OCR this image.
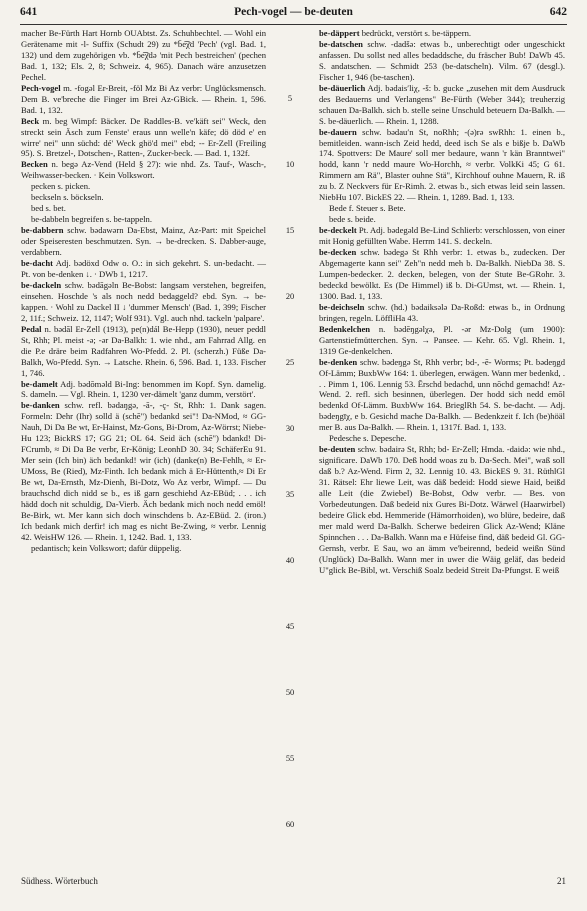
641	Pech-vogel — be-deuten	642

macher Be-Fürth Hart Hornb OUAbtst. Zs. Schuhbechtel. — Wohl ein Gerätename mit -l- Suffix (Schudt 29) zu *b̄e͡χ̄d 'Pech' (vgl. Bad. 1, 132) und dem zugehörigen vb. *b̄e͡χ̄də 'mit Pech bestreichen' (pechen Bad. 1, 132; Els. 2, 8; Schweiz. 4, 965). Danach wäre anzusetzen Pechel.

Pech-vogel m. -fogəl Er-Breit, -föl Mz Bi Az verbr: Unglücksmensch. Dem B. ve'breche die Finger im Brei Az-GBick. — Rhein. 1, 596. Bad. 1, 132.

Beck m. beg Wimpf: Bäcker. De Raddles-B. ve'käft sei" Weck, den streckt sein Äsch zum Fenste' eraus unn welle'n käfe; dö död e' en wirre' nei" unn süchd: dé' Weck ghö'd mei" ebd; -- Er-Zell (Freiling 95). S. Bretzel-, Dotschen-, Ratten-, Zucker-beck. — Bad. 1, 132f.

Becken n. begə Az-Vend (Held § 27): wie nhd. Zs. Tauf-, Wasch-, Weihwasser-becken. · Kein Volkswort.

pecken s. picken.

beckseln s. böckseln.

bed s. bet.

be-dabbeln begreifen s. be-tappeln.

be-dabbern schw. bədawərn Da-Ebst, Mainz, Az-Part: mit Speichel oder Speiseresten beschmutzen. Syn. → be-drecken. S. Dabber-auge, verdabbern.

be-dacht Adj. bədöxd Odw o. O.: in sich gekehrt. S. un-bedacht. — Pt. von be-denken ↓. · DWb 1, 1217.

be-dackeln schw. bədāgəln Be-Bobst: langsam verstehen, begreifen, einsehen. Hoschde 's als noch nedd bedaggeld? ebd. Syn. → be-kappen. · Wohl zu Dackel II ↓ 'dummer Mensch' (Bad. 1, 399; Fischer 2, 11f.; Schweiz. 12, 1147; Wolf 931). Vgl. auch nhd. tackeln 'palpare'.

Pedal n. bədāl Er-Zell (1913), pe(n)dál Be-Hepp (1930), neuer peddl St, Rhh; Pl. meist -ə; -ər Da-Balkh: 1. wie nhd., am Fahrrad Allg. en die P.e dräre beim Radfahren Wo-Pfedd. 2. Pl. (scherzh.) Füße Da-Balkh, Wo-Pfedd. Syn. → Latsche. Rhein. 6, 596. Bad. 1, 133. Fischer 1, 746.

be-damelt Adj. bədōməld Bi-Ing: benommen im Kopf. Syn. damelig. S. dameln. — Vgl. Rhein. 1, 1230 ver-dämelt 'ganz dumm, verstört'.

be-danken schw. refl. bədaŋgə, -ā-, -ç- St, Rhh: 1. Dank sagen. Formeln: Dehr (Ihr) solld ä (schē") bedankd sei"! Da-NMod, ≈ GG-Nauh, Di Da Be wt, Er-Hainst, Mz-Gons, Bi-Drom, Az-Wörrst; Niebe-Hu 123; BickRS 17; GG 21; OL 64. Seid äch (schē") bdankd! Di-FCrumb, ≈ Di Da Be verbr, Er-König; LeonhD 30. 34; SchäferEu 91. Mer sein (Ich bin) äch bedankd! wir (ich) (danke(n) Be-Fehlh, ≈ Er-UMoss, Be (Ried), Mz-Finth. Ich bedank mich ä Er-Hüttenth,≈ Di Er Be wt, Da-Ernsth, Mz-Dienh, Bi-Dotz, Wo Az verbr, Wimpf. — Du brauchschd dich nidd se b., es iß garn geschiehd Az-EBüd; . . . ich hädd doch nit schuldig, Da-Vierb. Äch bedank mich noch nedd emöl! Be-Birk, wt. Mer kann sich doch winschdens b. Az-EBüd. 2. (iron.) Ich bedank mich derfir! ich mag es nicht Be-Zwing, ≈ verbr. Lennig 42. WeisHW 126. — Rhein. 1, 1242. Bad. 1, 133.

pedantisch; kein Volkswort; dafür düppelig.

5
10
15
20
25
30
35
40
45
50
55
60

be-däppert bedrückt, verstört s. be-täppern.

be-datschen schw. -dadšə: etwas b., unberechtigt oder ungeschickt anfassen. Du sollst ned alles bedaddsche, du fräscher Bub! DaWb 45. S. andatschen. — Schmidt 253 (be-datscheln). Vilm. 67 (desgl.). Fischer 1, 946 (be-taschen).

be-däuerlich Adj. bədaisʹliχ, -š: b. gucke „zusehen mit dem Ausdruck des Bedauerns und Verlangens" Be-Fürth (Weber 344); treuherzig schauen Da-Balkh. sich b. stelle seine Unschuld beteuern Da-Balkh. — S. be-däuerlich. — Rhein. 1, 1288.

be-dauern schw. bədauʹn St, noRhh; -(ə)rə swRhh: 1. einen b., bemitleiden. wann-isch Zeid hedd, deed isch Se als e bißje b. DaWb 174. Spottvers: De Maure' soll mer bedaure, wann 'r kän Branntwei" hodd, kann 'r nedd maure Wo-Horchh, ≈ verbr. VolkKi 45; G 61. Rimmern am Rä", Blaster ouhne Stä", Kirchhouf ouhne Mauern, R. iß zu b. Z Neckvers für Er-Rimh. 2. etwas b., sich etwas leid sein lassen. NiebHu 107. BickES 22. — Rhein. 1, 1289. Bad. 1, 133.

Bede f. Steuer s. Bete.

bede s. beide.

be-deckelt Pt. Adj. bədegəld Be-Lind Schlierb: verschlossen, von einer mit Honig gefüllten Wabe. Herrm 141. S. deckeln.

be-decken schw. bədegə St Rhh verbr: 1. etwas b., zudecken. Der Abgemagerte kann sei" Zeh"n nedd meh b. Da-Balkh. NiebDa 38. S. Lumpen-bedecker. 2. decken, belegen, von der Stute Be-GRohr. 3. bedeckd bewölkt. Es (De Himmel) iß b. Di-GUmst, wt. — Rhein. 1, 1300. Bad. 1, 133.

be-deichseln schw. (hd.) bədaiksələ Da-Roßd: etwas b., in Ordnung bringen, regeln. LöffliHa 43.

Bedenkelchen n. bədēŋgəlχə, Pl. -ər Mz-Dolg (um 1900): Gartenstiefmütterchen. Syn. → Pansee. — Kehr. 65. Vgl. Rhein. 1, 1319 Ge-denkelchen.

be-denken schw. bədeŋgə St, Rhh verbr; bd-, -ē- Worms; Pt. bədeŋgd Of-Lämm; BuxbWw 164: 1. überlegen, erwägen. Wann mer bedenkd, . . . Pimm 1, 106. Lennig 53. Ērschd bedachd, unn nōchd gemachd! Az-Wend. 2. refl. sich besinnen, überlegen. Der hodd sich nedd emōl bedenkd Of-Lämm. BuxbWw 164. BrieglRh 54. S. be-dacht. — Adj. bədeŋgīχ, e b. Gesichd mache Da-Balkh. — Bedenkzeit f. Ich (be)höäl mer B. aus Da-Balkh. — Rhein. 1, 1317f. Bad. 1, 133.

Pedesche s. Depesche.

be-deuten schw. bədairə St, Rhh; bd- Er-Zell; Hmda. -daidə: wie nhd., significare. DaWb 170. Deß hodd woas zu b. Da-Sech. Mei", waß soll daß b.? Az-Wend. Firm 2, 32. Lennig 10. 43. BickES 9. 31. RüthlGl 31. Rätsel: Ehr liewe Leit, was däß bedeid: Hodd siewe Haid, beißd alle Leit (die Zwiebel) Be-Bobst, Odw verbr. — Bes. von Vorbedeutungen. Daß bedeid nix Gures Bi-Dotz. Wärwel (Haarwirbel) bedeire Glick ebd. Hemmeride (Hämorrhoiden), wo blüre, bedeire, daß mer mald werd Da-Balkh. Scherwe bedeiren Glick Az-Wend; Kläne Spinnchen . . . Da-Balkh. Wann ma e Hüfeise find, däß bedeid Gl. GG-Gernsh, verbr. E Sau, wo an ämm ve'beirennd, bedeid weißn Sünd (Unglück) Da-Balkh. Wann mer in uwer die Wäig geläf, das bedeid U"glick Be-Bibl, wt. Verschiß Soalz bedeid Streit Da-Pfungst. E weiß

Südhess. Wörterbuch	21
